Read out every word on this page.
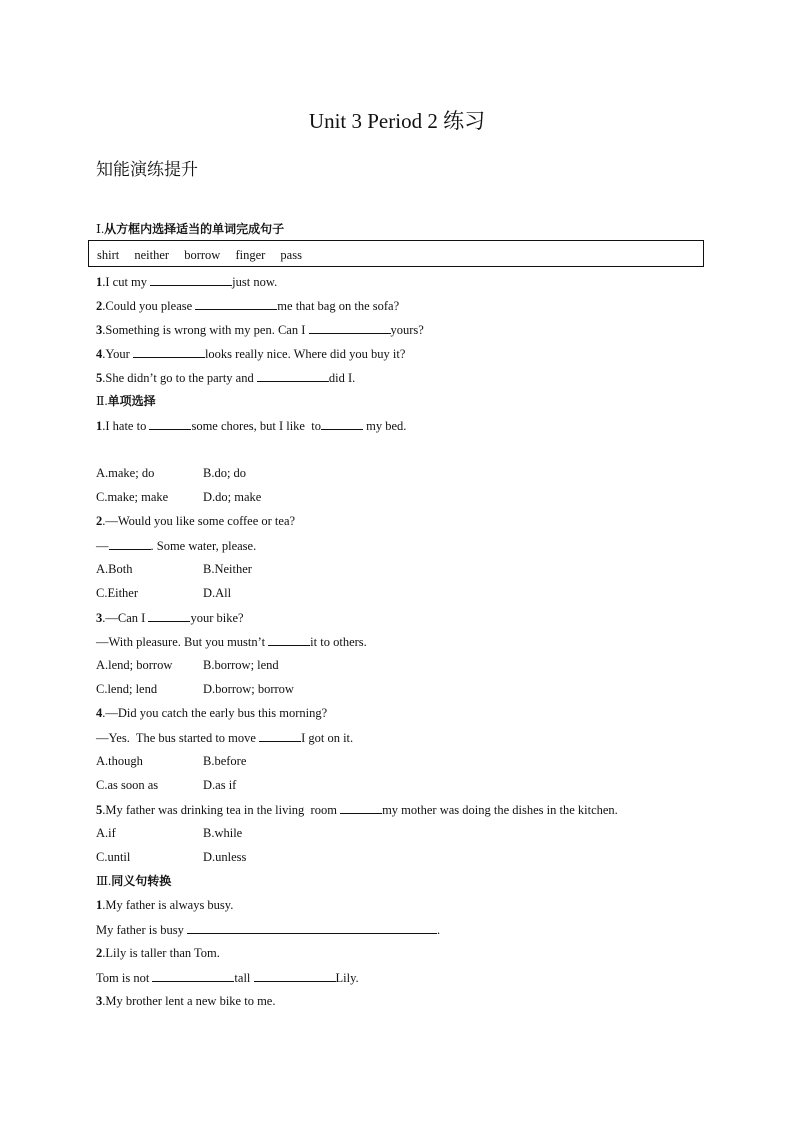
Unit 3 Period 2 练习
知能演练提升
Ⅰ.从方框内选择适当的单词完成句子
shirt neither borrow finger pass
1.I cut my	just now.
2.Could you please	me that bag on the sofa?
3.Something is wrong with my pen. Can I	yours?
4.Your	looks really nice. Where did you buy it?
5.She didn’t go to the party and	did I.
Ⅱ.单项选择
1.I hate to	some chores, but I like  to	my bed.
A.make; do	B.do; do
C.make; make	D.do; make
2.—Would you like some coffee or tea?
—	. Some water, please.
A.Both	B.Neither
C.Either	D.All
3.—Can I	your bike?
—With pleasure. But you mustn’t	it to others.
A.lend; borrow B.borrow; lend
C.lend; lend	D.borrow; borrow
4.—Did you catch the early bus this morning?
—Yes.  The bus started to move	I got on it.
A.though	B.before
C.as soon as	D.as if
5.My father was drinking tea in the living  room	my mother was doing the dishes in the kitchen.
A.if	B.while
C.until	D.unless
Ⅲ.同义句转换
1.My father is always busy.
My father is busy	.
2.Lily is taller than Tom.
Tom is not	tall	Lily.
3.My brother lent a new bike to me.
